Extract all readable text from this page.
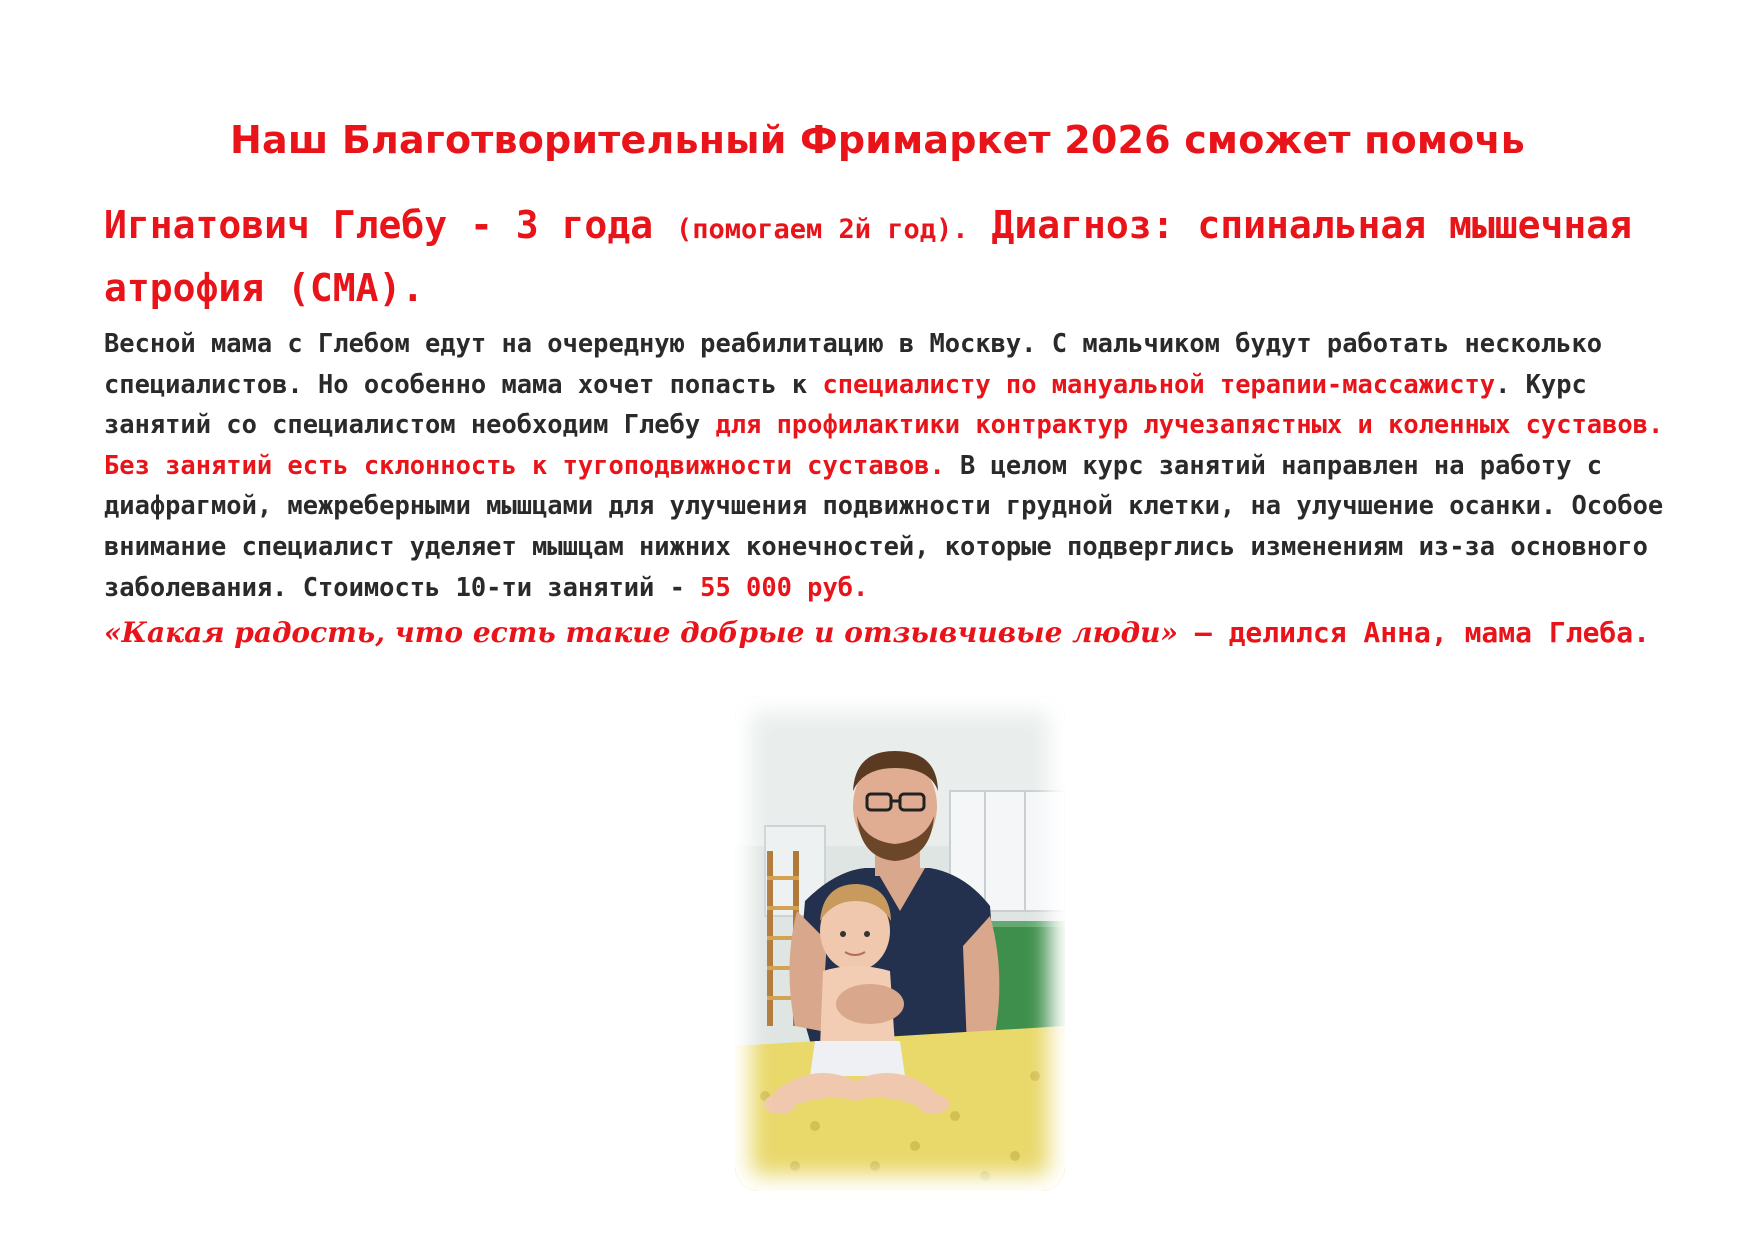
Наш Благотворительный Фримаркет 2026 сможет помочь

Игнатович Глебу - 3 года (помогаем 2й год). Диагноз: спинальная мышечная атрофия (СМА).

Весной мама с Глебом едут на очередную реабилитацию в Москву. С мальчиком будут работать несколько специалистов. Но особенно мама хочет попасть к специалисту по мануальной терапии-массажисту. Курс занятий со специалистом необходим Глебу для профилактики контрактур лучезапястных и коленных суставов. Без занятий есть склонность к тугоподвижности суставов. В целом курс занятий направлен на работу с диафрагмой, межреберными мышцами для улучшения подвижности грудной клетки, на улучшение осанки. Особое внимание специалист уделяет мышцам нижних конечностей, которые подверглись изменениям из-за основного заболевания. Стоимость 10-ти занятий - 55 000 руб.

«Какая радость, что есть такие добрые и отзывчивые люди» – делился Анна, мама Глеба.
